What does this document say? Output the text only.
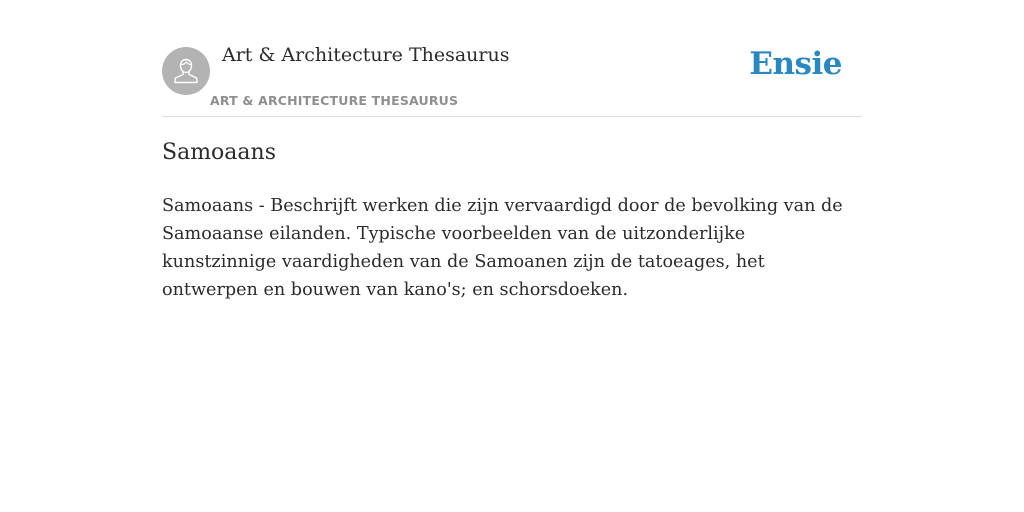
Art & Architecture Thesaurus
ART & ARCHITECTURE THESAURUS
Ensie
Samoaans

Samoaans - Beschrijft werken die zijn vervaardigd door de bevolking van de Samoaanse eilanden. Typische voorbeelden van de uitzonderlijke kunstzinnige vaardigheden van de Samoanen zijn de tatoeages, het ontwerpen en bouwen van kano's; en schorsdoeken.
